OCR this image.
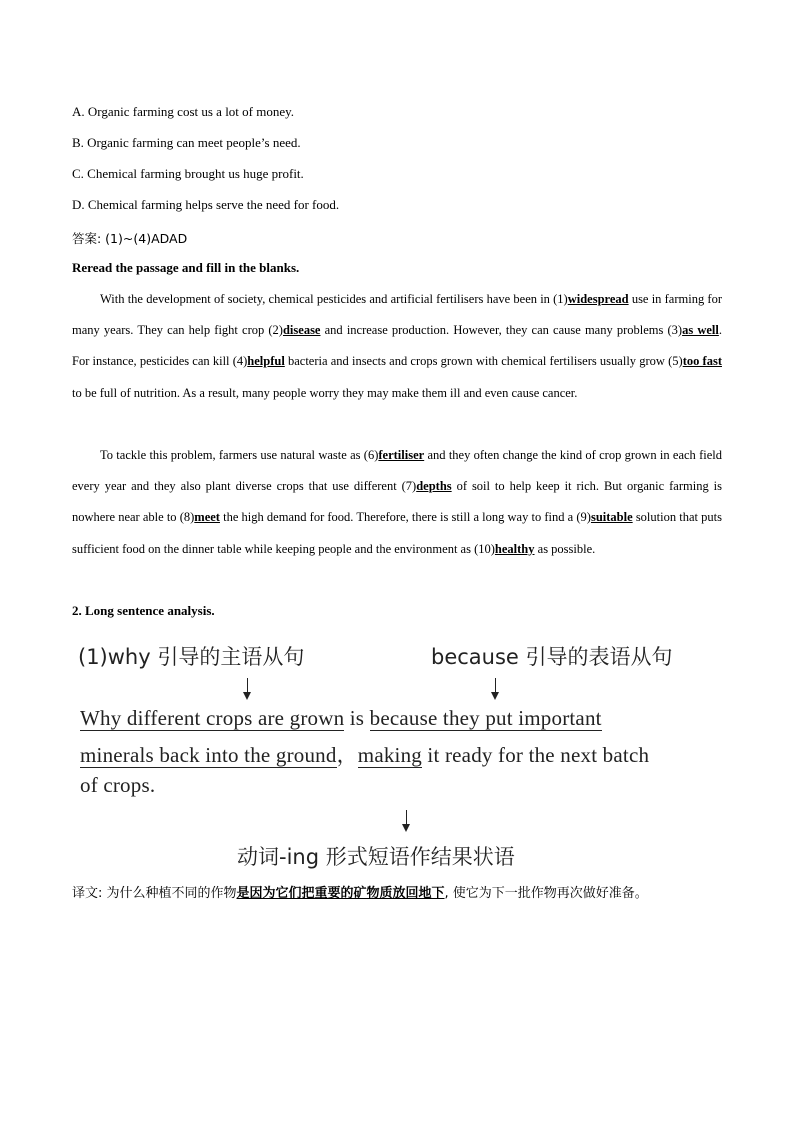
A. Organic farming cost us a lot of money.
B. Organic farming can meet people’s need.
C. Chemical farming brought us huge profit.
D. Chemical farming helps serve the need for food.
答案: (1)~(4)ADAD
Reread the passage and fill in the blanks.
With the development of society, chemical pesticides and artificial fertilisers have been in (1)widespread use in farming for many years. They can help fight crop (2)disease and increase production. However, they can cause many problems (3)as well. For instance, pesticides can kill (4)helpful bacteria and insects and crops grown with chemical fertilisers usually grow (5)too fast to be full of nutrition. As a result, many people worry they may make them ill and even cause cancer.
To tackle this problem, farmers use natural waste as (6)fertiliser and they often change the kind of crop grown in each field every year and they also plant diverse crops that use different (7)depths of soil to help keep it rich. But organic farming is nowhere near able to (8)meet the high demand for food. Therefore, there is still a long way to find a (9)suitable solution that puts sufficient food on the dinner table while keeping people and the environment as (10)healthy as possible.
2. Long sentence analysis.
(1)why 引导的主语从句	because 引导的表语从句
Why different crops are grown is because they put important
minerals back into the ground，making it ready for the next batch
of crops.
动词-ing 形式短语作结果状语
译文: 为什么种植不同的作物是因为它们把重要的矿物质放回地下, 使它为下一批作物再次做好准备。
